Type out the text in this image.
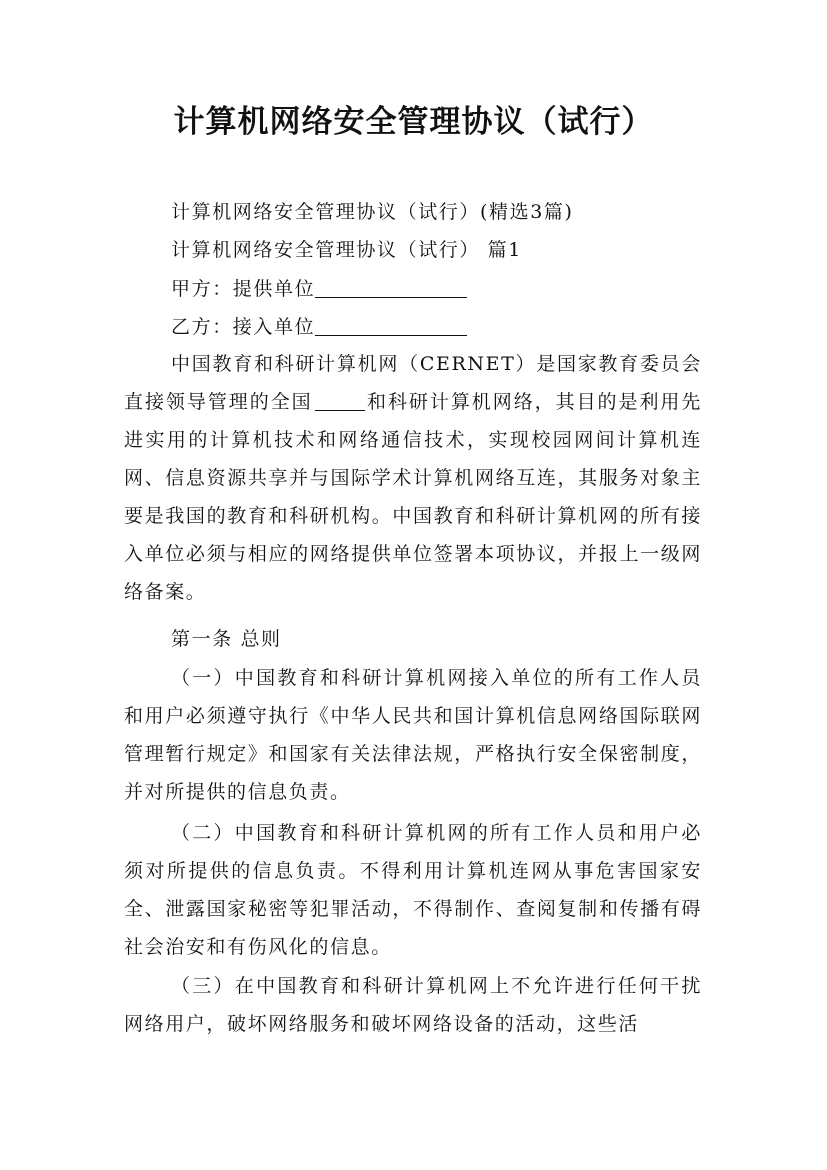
计算机网络安全管理协议（试行）
计算机网络安全管理协议（试行）(精选3篇)
计算机网络安全管理协议（试行） 篇1
甲方：提供单位
乙方：接入单位
中国教育和科研计算机网（CERNET）是国家教育委员会直接领导管理的全国	和科研计算机网络，其目的是利用先进实用的计算机技术和网络通信技术，实现校园网间计算机连网、信息资源共享并与国际学术计算机网络互连，其服务对象主要是我国的教育和科研机构。中国教育和科研计算机网的所有接入单位必须与相应的网络提供单位签署本项协议，并报上一级网络备案。
第一条 总则
（一）中国教育和科研计算机网接入单位的所有工作人员和用户必须遵守执行《中华人民共和国计算机信息网络国际联网管理暂行规定》和国家有关法律法规，严格执行安全保密制度，并对所提供的信息负责。
（二）中国教育和科研计算机网的所有工作人员和用户必须对所提供的信息负责。不得利用计算机连网从事危害国家安全、泄露国家秘密等犯罪活动，不得制作、查阅复制和传播有碍社会治安和有伤风化的信息。
（三）在中国教育和科研计算机网上不允许进行任何干扰网络用户，破坏网络服务和破坏网络设备的活动，这些活
